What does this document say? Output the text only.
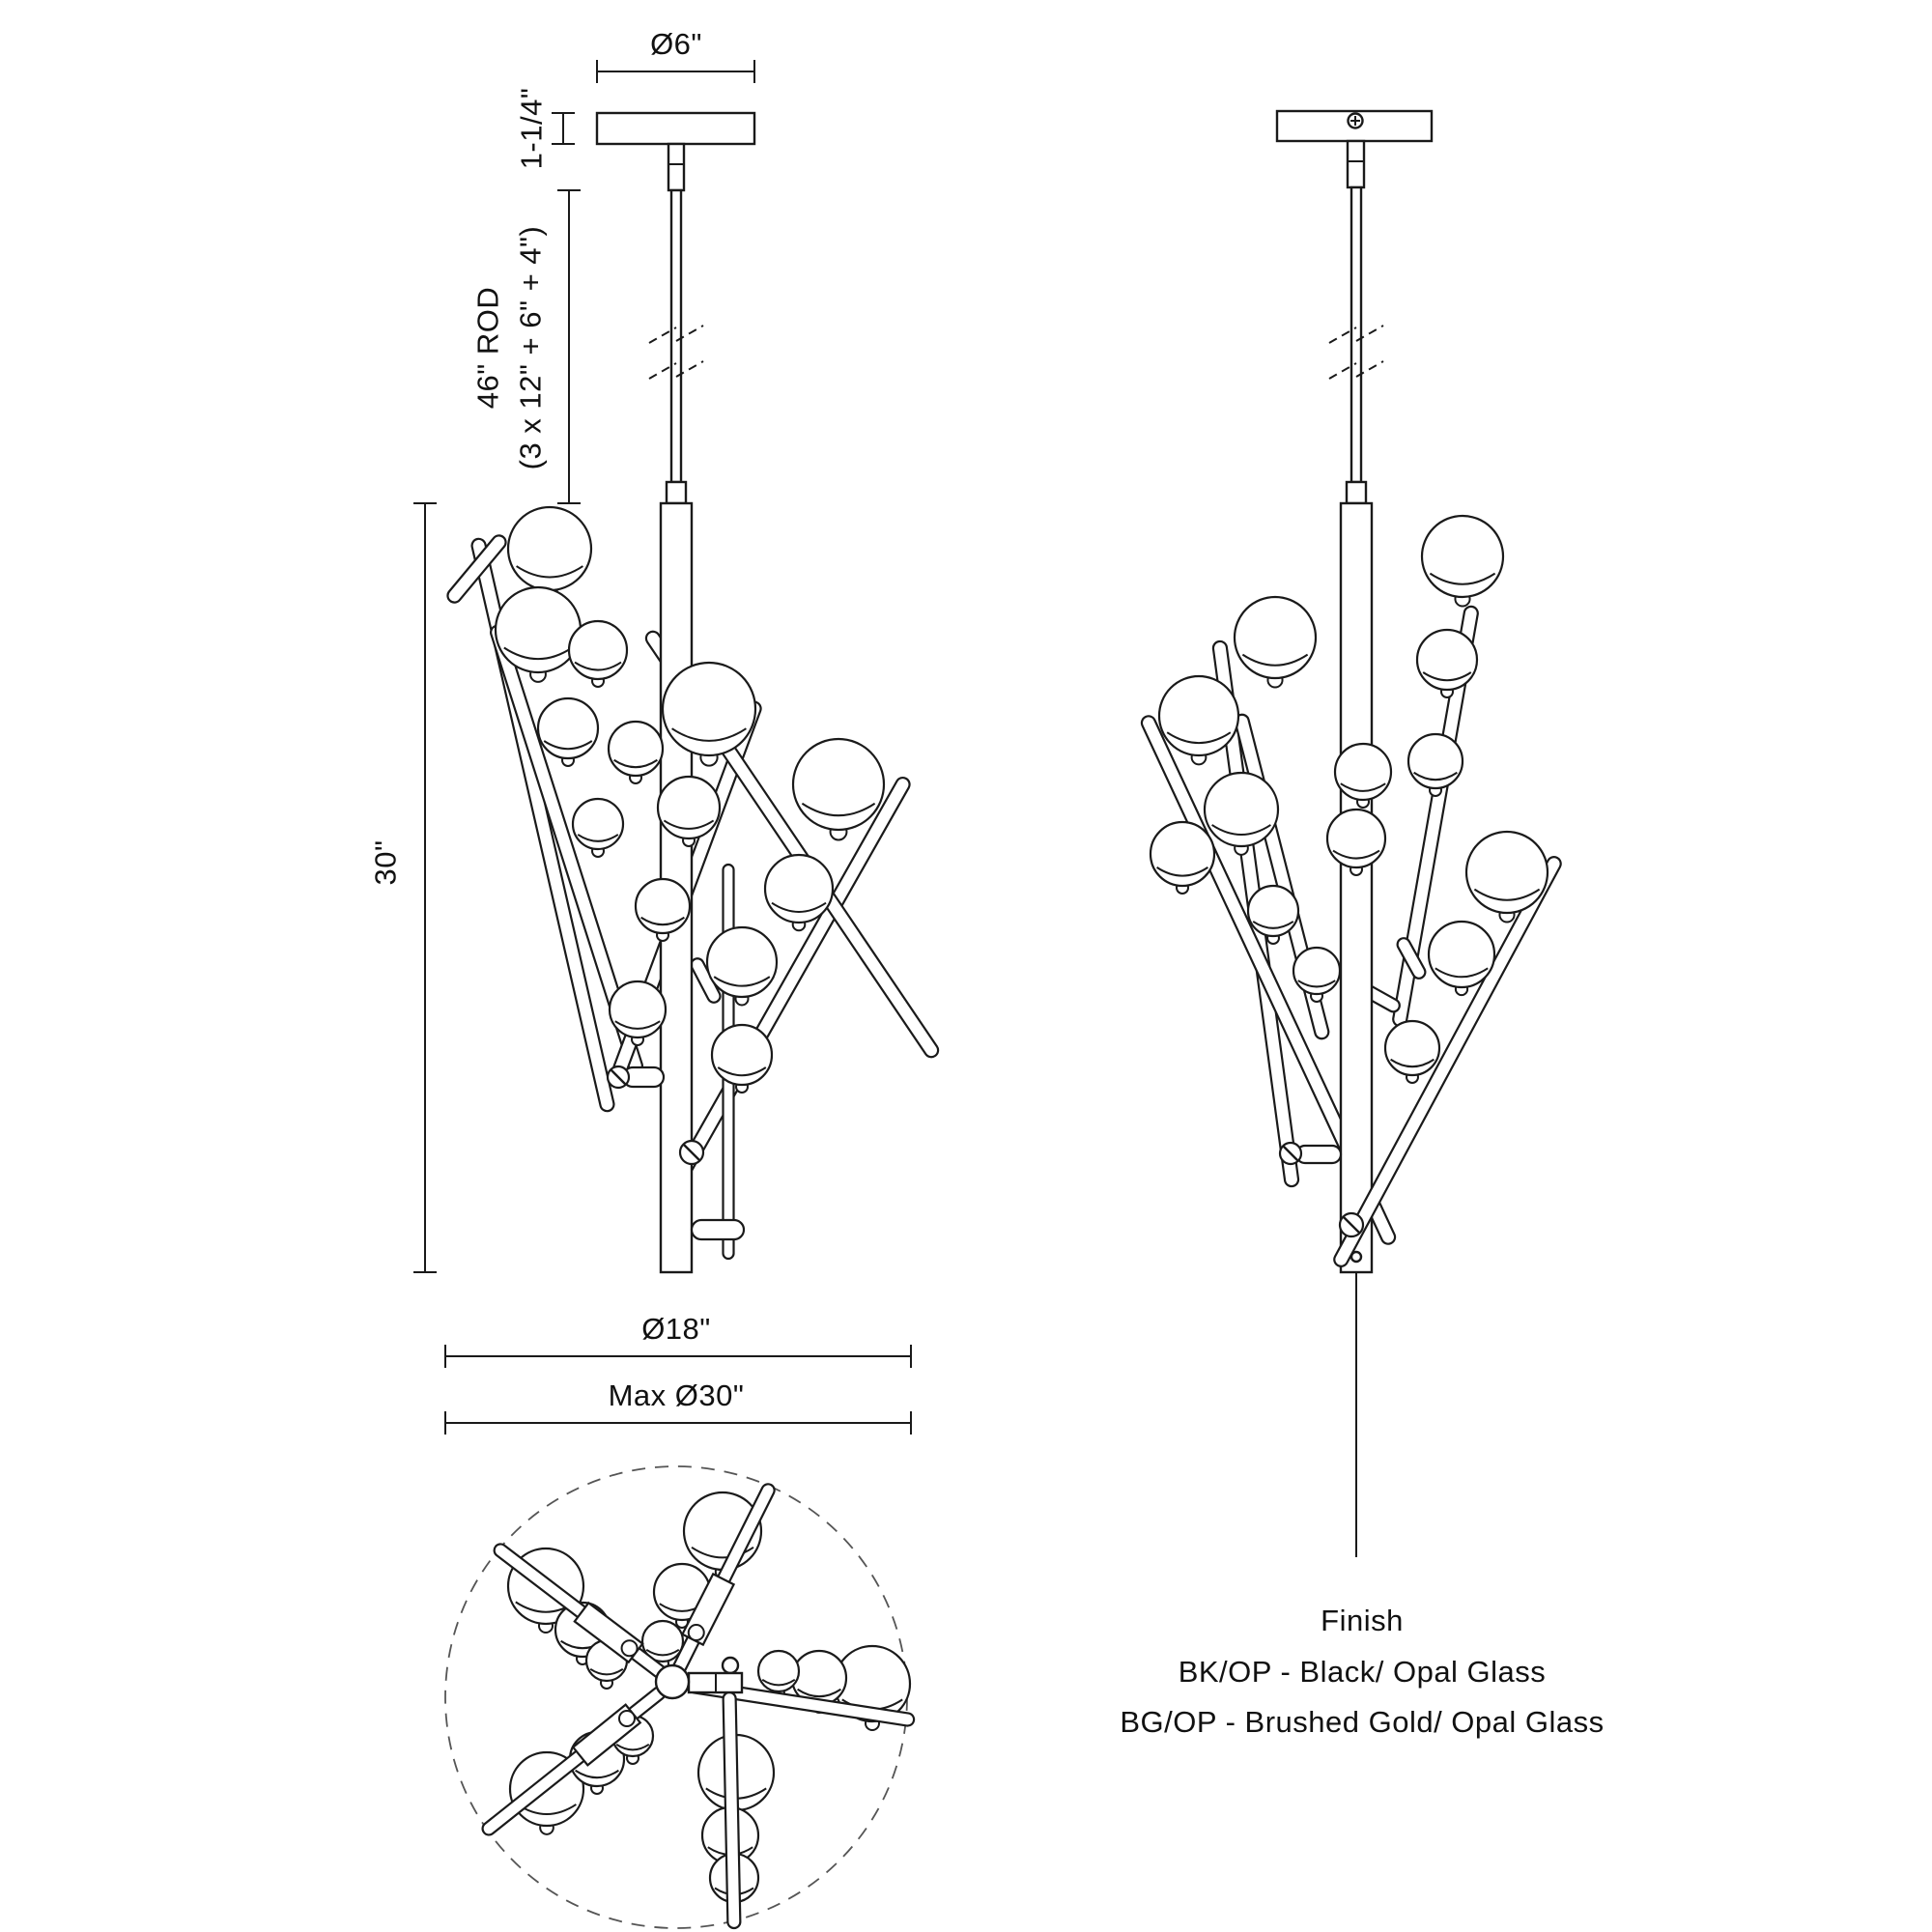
Ø6"
1-1/4"
46" ROD (3 x 12" + 6" + 4")
30"
Ø18"
Max Ø30"
Finish
BK/OP - Black/ Opal Glass
BG/OP - Brushed Gold/ Opal Glass
